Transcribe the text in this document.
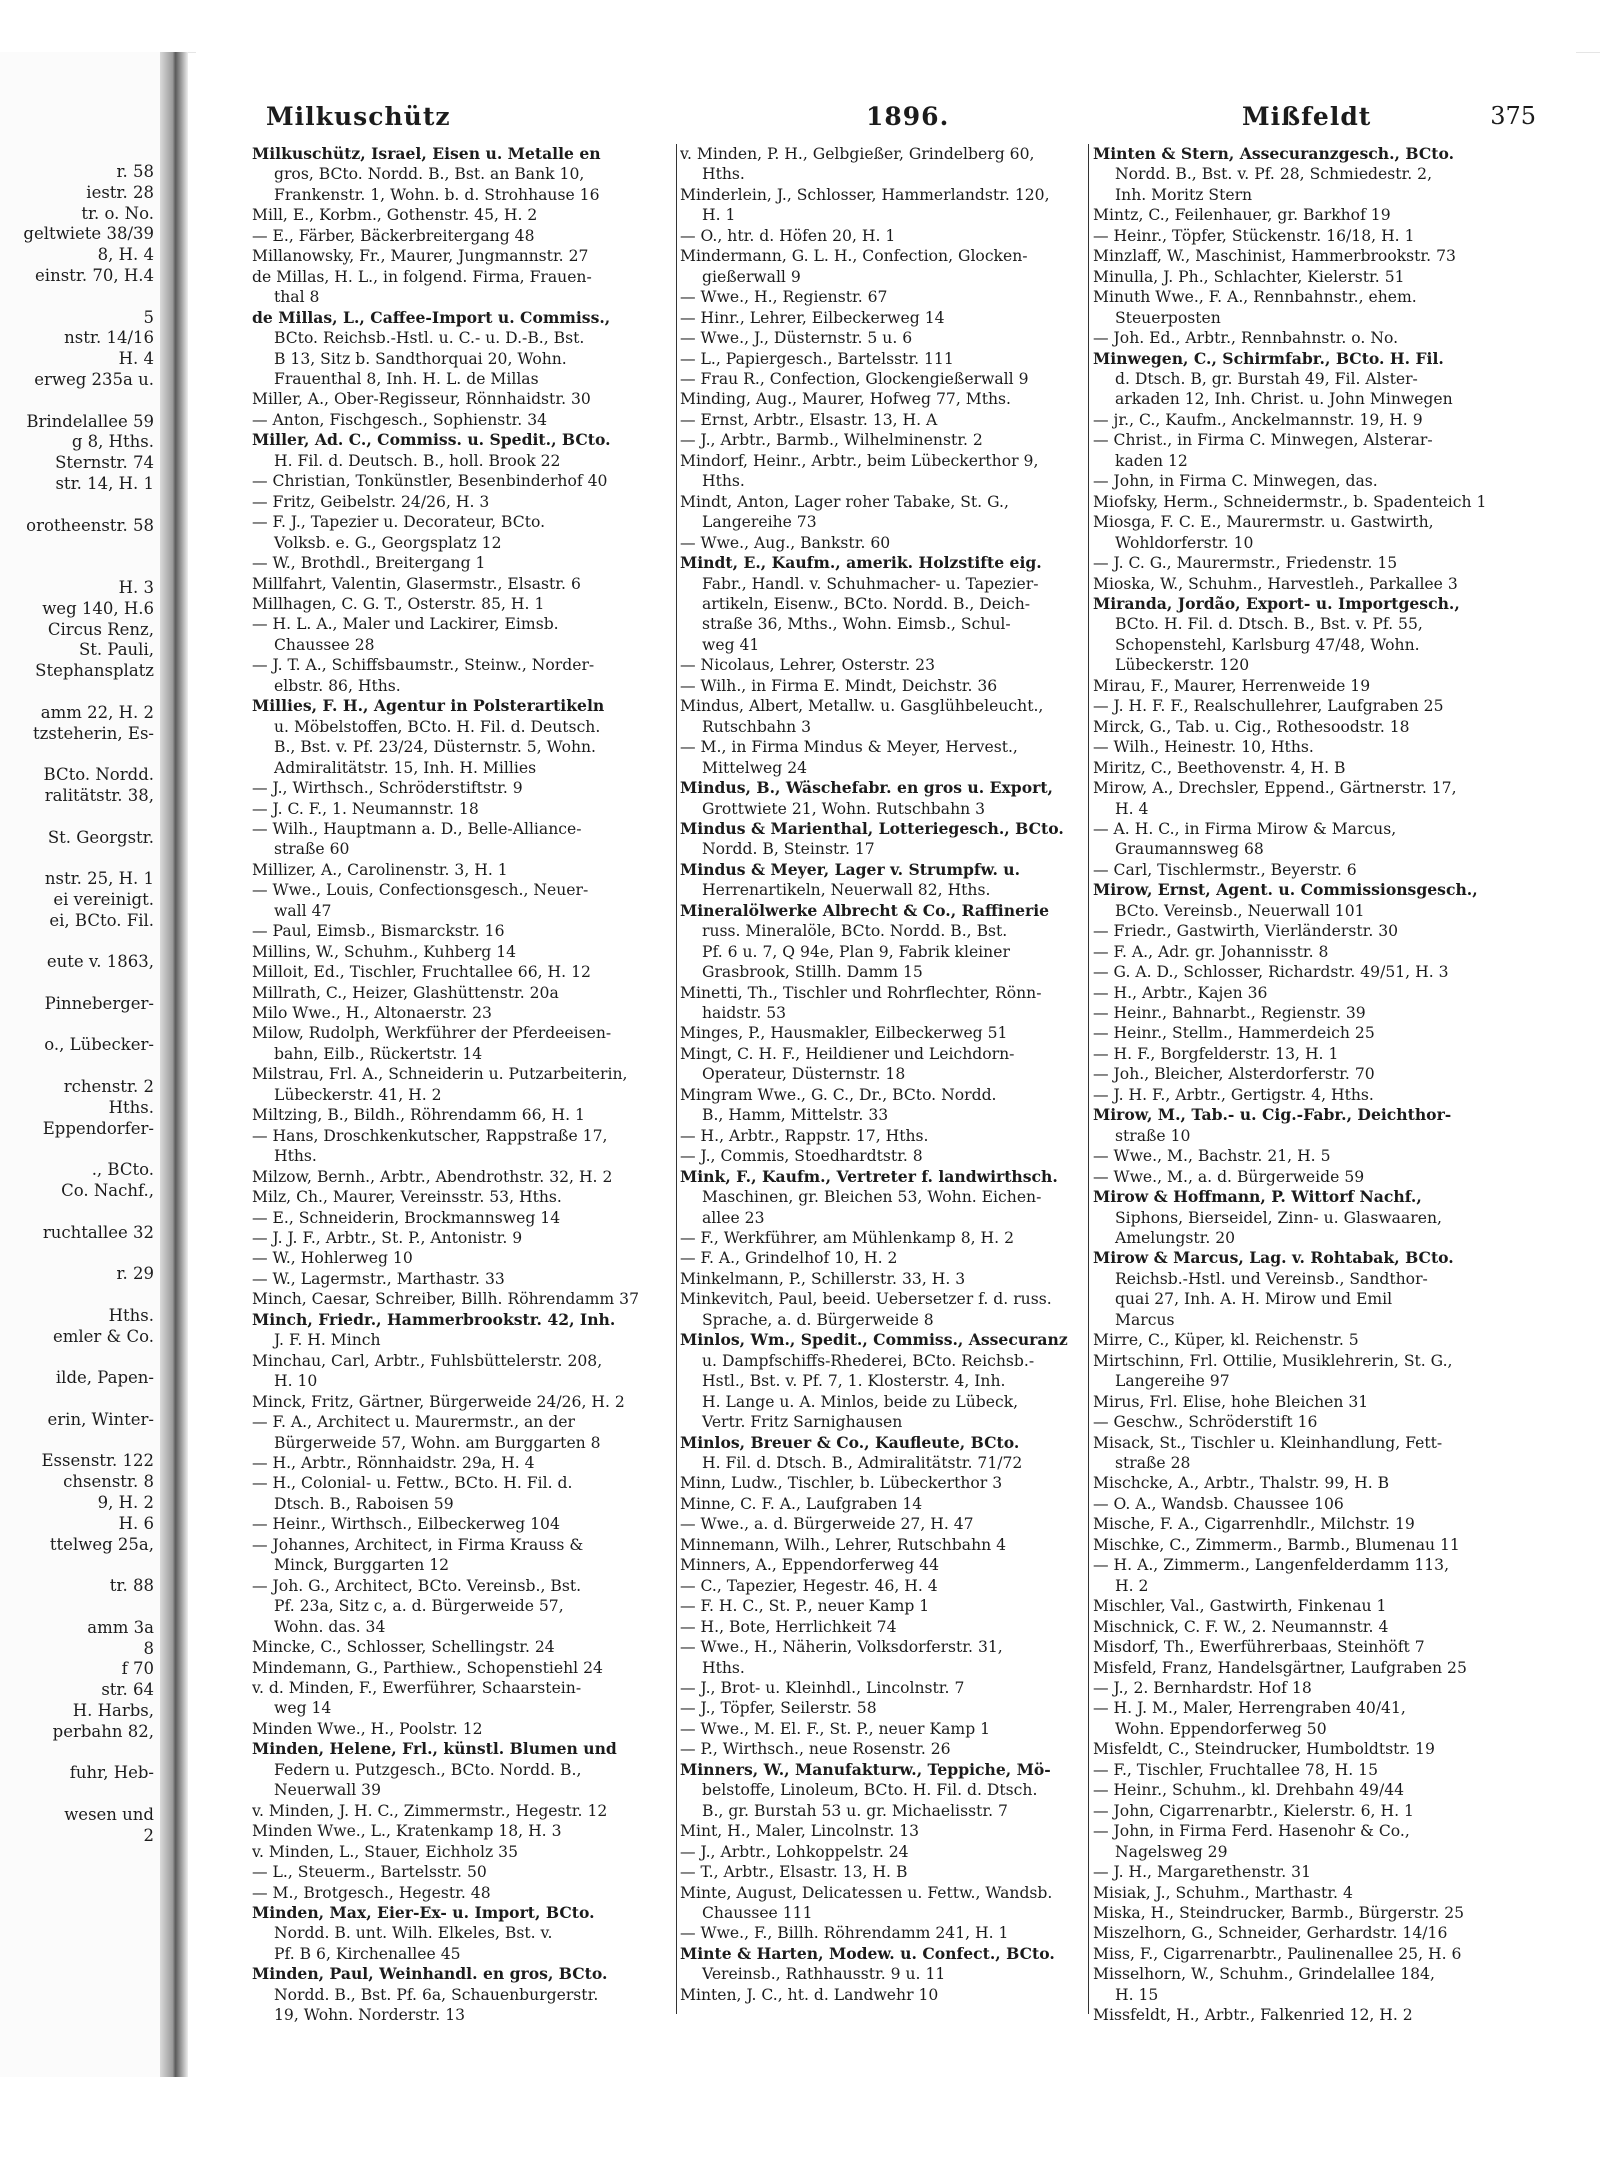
r. 58
iestr. 28
tr. o. No.
geltwiete 38/39
8, H. 4
einstr. 70, H.4

5
nstr. 14/16
H. 4
erweg 235a u.

Brindelallee 59
g 8, Hths.
Sternstr. 74
str. 14, H. 1

orotheenstr. 58

H. 3
weg 140, H.6
Circus Renz,
St. Pauli,
Stephansplatz

amm 22, H. 2
tzsteherin, Es-

BCto. Nordd.
ralitätstr. 38,

St. Georgstr.

nstr. 25, H. 1
ei vereinigt.
ei, BCto. Fil.

eute v. 1863,

Pinneberger-

o., Lübecker-

rchenstr. 2
Hths.
Eppendorfer-

., BCto.
Co. Nachf.,

ruchtallee 32

r. 29

Hths.
emler & Co.

ilde, Papen-

erin, Winter-

Essenstr. 122
chsenstr. 8
9, H. 2
H. 6
ttelweg 25a,

tr. 88

amm 3a
8
f 70
str. 64
H. Harbs,
perbahn 82,

fuhr, Heb-

wesen und
2
Milkuschütz	1896.	Mißfeldt	375
Milkuschütz, Israel, Eisen u. Metalle en
gros, BCto. Nordd. B., Bst. an Bank 10,
Frankenstr. 1, Wohn. b. d. Strohhause 16
Mill, E., Korbm., Gothenstr. 45, H. 2
— E., Färber, Bäckerbreitergang 48
Millanowsky, Fr., Maurer, Jungmannstr. 27
de Millas, H. L., in folgend. Firma, Frauen-
thal 8
de Millas, L., Caffee-Import u. Commiss.,
BCto. Reichsb.-Hstl. u. C.- u. D.-B., Bst.
B 13, Sitz b. Sandthorquai 20, Wohn.
Frauenthal 8, Inh. H. L. de Millas
Miller, A., Ober-Regisseur, Rönnhaidstr. 30
— Anton, Fischgesch., Sophienstr. 34
Miller, Ad. C., Commiss. u. Spedit., BCto.
H. Fil. d. Deutsch. B., holl. Brook 22
— Christian, Tonkünstler, Besenbinderhof 40
— Fritz, Geibelstr. 24/26, H. 3
— F. J., Tapezier u. Decorateur, BCto.
Volksb. e. G., Georgsplatz 12
— W., Brothdl., Breitergang 1
Millfahrt, Valentin, Glasermstr., Elsastr. 6
Millhagen, C. G. T., Osterstr. 85, H. 1
— H. L. A., Maler und Lackirer, Eimsb.
Chaussee 28
— J. T. A., Schiffsbaumstr., Steinw., Norder-
elbstr. 86, Hths.
Millies, F. H., Agentur in Polsterartikeln
u. Möbelstoffen, BCto. H. Fil. d. Deutsch.
B., Bst. v. Pf. 23/24, Düsternstr. 5, Wohn.
Admiralitätstr. 15, Inh. H. Millies
— J., Wirthsch., Schröderstiftstr. 9
— J. C. F., 1. Neumannstr. 18
— Wilh., Hauptmann a. D., Belle-Alliance-
straße 60
Millizer, A., Carolinenstr. 3, H. 1
— Wwe., Louis, Confectionsgesch., Neuer-
wall 47
— Paul, Eimsb., Bismarckstr. 16
Millins, W., Schuhm., Kuhberg 14
Milloit, Ed., Tischler, Fruchtallee 66, H. 12
Millrath, C., Heizer, Glashüttenstr. 20a
Milo Wwe., H., Altonaerstr. 23
Milow, Rudolph, Werkführer der Pferdeeisen-
bahn, Eilb., Rückertstr. 14
Milstrau, Frl. A., Schneiderin u. Putzarbeiterin,
Lübeckerstr. 41, H. 2
Miltzing, B., Bildh., Röhrendamm 66, H. 1
— Hans, Droschkenkutscher, Rappstraße 17,
Hths.
Milzow, Bernh., Arbtr., Abendrothstr. 32, H. 2
Milz, Ch., Maurer, Vereinsstr. 53, Hths.
— E., Schneiderin, Brockmannsweg 14
— J. J. F., Arbtr., St. P., Antonistr. 9
— W., Hohlerweg 10
— W., Lagermstr., Marthastr. 33
Minch, Caesar, Schreiber, Billh. Röhrendamm 37
Minch, Friedr., Hammerbrookstr. 42, Inh.
J. F. H. Minch
Minchau, Carl, Arbtr., Fuhlsbüttelerstr. 208,
H. 10
Minck, Fritz, Gärtner, Bürgerweide 24/26, H. 2
— F. A., Architect u. Maurermstr., an der
Bürgerweide 57, Wohn. am Burggarten 8
— H., Arbtr., Rönnhaidstr. 29a, H. 4
— H., Colonial- u. Fettw., BCto. H. Fil. d.
Dtsch. B., Raboisen 59
— Heinr., Wirthsch., Eilbeckerweg 104
— Johannes, Architect, in Firma Krauss &
Minck, Burggarten 12
— Joh. G., Architect, BCto. Vereinsb., Bst.
Pf. 23a, Sitz c, a. d. Bürgerweide 57,
Wohn. das. 34
Mincke, C., Schlosser, Schellingstr. 24
Mindemann, G., Parthiew., Schopenstiehl 24
v. d. Minden, F., Ewerführer, Schaarstein-
weg 14
Minden Wwe., H., Poolstr. 12
Minden, Helene, Frl., künstl. Blumen und
Federn u. Putzgesch., BCto. Nordd. B.,
Neuerwall 39
v. Minden, J. H. C., Zimmermstr., Hegestr. 12
Minden Wwe., L., Kratenkamp 18, H. 3
v. Minden, L., Stauer, Eichholz 35
— L., Steuerm., Bartelsstr. 50
— M., Brotgesch., Hegestr. 48
Minden, Max, Eier-Ex- u. Import, BCto.
Nordd. B. unt. Wilh. Elkeles, Bst. v.
Pf. B 6, Kirchenallee 45
Minden, Paul, Weinhandl. en gros, BCto.
Nordd. B., Bst. Pf. 6a, Schauenburgerstr.
19, Wohn. Norderstr. 13
v. Minden, P. H., Gelbgießer, Grindelberg 60,
Hths.
Minderlein, J., Schlosser, Hammerlandstr. 120,
H. 1
— O., htr. d. Höfen 20, H. 1
Mindermann, G. L. H., Confection, Glocken-
gießerwall 9
— Wwe., H., Regienstr. 67
— Hinr., Lehrer, Eilbeckerweg 14
— Wwe., J., Düsternstr. 5 u. 6
— L., Papiergesch., Bartelsstr. 111
— Frau R., Confection, Glockengießerwall 9
Minding, Aug., Maurer, Hofweg 77, Mths.
— Ernst, Arbtr., Elsastr. 13, H. A
— J., Arbtr., Barmb., Wilhelminenstr. 2
Mindorf, Heinr., Arbtr., beim Lübeckerthor 9,
Hths.
Mindt, Anton, Lager roher Tabake, St. G.,
Langereihe 73
— Wwe., Aug., Bankstr. 60
Mindt, E., Kaufm., amerik. Holzstifte eig.
Fabr., Handl. v. Schuhmacher- u. Tapezier-
artikeln, Eisenw., BCto. Nordd. B., Deich-
straße 36, Mths., Wohn. Eimsb., Schul-
weg 41
— Nicolaus, Lehrer, Osterstr. 23
— Wilh., in Firma E. Mindt, Deichstr. 36
Mindus, Albert, Metallw. u. Gasglühbeleucht.,
Rutschbahn 3
— M., in Firma Mindus & Meyer, Hervest.,
Mittelweg 24
Mindus, B., Wäschefabr. en gros u. Export,
Grottwiete 21, Wohn. Rutschbahn 3
Mindus & Marienthal, Lotteriegesch., BCto.
Nordd. B, Steinstr. 17
Mindus & Meyer, Lager v. Strumpfw. u.
Herrenartikeln, Neuerwall 82, Hths.
Mineralölwerke Albrecht & Co., Raffinerie
russ. Mineralöle, BCto. Nordd. B., Bst.
Pf. 6 u. 7, Q 94e, Plan 9, Fabrik kleiner
Grasbrook, Stillh. Damm 15
Minetti, Th., Tischler und Rohrflechter, Rönn-
haidstr. 53
Minges, P., Hausmakler, Eilbeckerweg 51
Mingt, C. H. F., Heildiener und Leichdorn-
Operateur, Düsternstr. 18
Mingram Wwe., G. C., Dr., BCto. Nordd.
B., Hamm, Mittelstr. 33
— H., Arbtr., Rappstr. 17, Hths.
— J., Commis, Stoedhardtstr. 8
Mink, F., Kaufm., Vertreter f. landwirthsch.
Maschinen, gr. Bleichen 53, Wohn. Eichen-
allee 23
— F., Werkführer, am Mühlenkamp 8, H. 2
— F. A., Grindelhof 10, H. 2
Minkelmann, P., Schillerstr. 33, H. 3
Minkevitch, Paul, beeid. Uebersetzer f. d. russ.
Sprache, a. d. Bürgerweide 8
Minlos, Wm., Spedit., Commiss., Assecuranz
u. Dampfschiffs-Rhederei, BCto. Reichsb.-
Hstl., Bst. v. Pf. 7, 1. Klosterstr. 4, Inh.
H. Lange u. A. Minlos, beide zu Lübeck,
Vertr. Fritz Sarnighausen
Minlos, Breuer & Co., Kaufleute, BCto.
H. Fil. d. Dtsch. B., Admiralitätstr. 71/72
Minn, Ludw., Tischler, b. Lübeckerthor 3
Minne, C. F. A., Laufgraben 14
— Wwe., a. d. Bürgerweide 27, H. 47
Minnemann, Wilh., Lehrer, Rutschbahn 4
Minners, A., Eppendorferweg 44
— C., Tapezier, Hegestr. 46, H. 4
— F. H. C., St. P., neuer Kamp 1
— H., Bote, Herrlichkeit 74
— Wwe., H., Näherin, Volksdorferstr. 31,
Hths.
— J., Brot- u. Kleinhdl., Lincolnstr. 7
— J., Töpfer, Seilerstr. 58
— Wwe., M. El. F., St. P., neuer Kamp 1
— P., Wirthsch., neue Rosenstr. 26
Minners, W., Manufakturw., Teppiche, Mö-
belstoffe, Linoleum, BCto. H. Fil. d. Dtsch.
B., gr. Burstah 53 u. gr. Michaelisstr. 7
Mint, H., Maler, Lincolnstr. 13
— J., Arbtr., Lohkoppelstr. 24
— T., Arbtr., Elsastr. 13, H. B
Minte, August, Delicatessen u. Fettw., Wandsb.
Chaussee 111
— Wwe., F., Billh. Röhrendamm 241, H. 1
Minte & Harten, Modew. u. Confect., BCto.
Vereinsb., Rathhausstr. 9 u. 11
Minten, J. C., ht. d. Landwehr 10
Minten & Stern, Assecuranzgesch., BCto.
Nordd. B., Bst. v. Pf. 28, Schmiedestr. 2,
Inh. Moritz Stern
Mintz, C., Feilenhauer, gr. Barkhof 19
— Heinr., Töpfer, Stückenstr. 16/18, H. 1
Minzlaff, W., Maschinist, Hammerbrookstr. 73
Minulla, J. Ph., Schlachter, Kielerstr. 51
Minuth Wwe., F. A., Rennbahnstr., ehem.
Steuerposten
— Joh. Ed., Arbtr., Rennbahnstr. o. No.
Minwegen, C., Schirmfabr., BCto. H. Fil.
d. Dtsch. B, gr. Burstah 49, Fil. Alster-
arkaden 12, Inh. Christ. u. John Minwegen
— jr., C., Kaufm., Anckelmannstr. 19, H. 9
— Christ., in Firma C. Minwegen, Alsterar-
kaden 12
— John, in Firma C. Minwegen, das.
Miofsky, Herm., Schneidermstr., b. Spadenteich 1
Miosga, F. C. E., Maurermstr. u. Gastwirth,
Wohldorferstr. 10
— J. C. G., Maurermstr., Friedenstr. 15
Mioska, W., Schuhm., Harvestleh., Parkallee 3
Miranda, Jordão, Export- u. Importgesch.,
BCto. H. Fil. d. Dtsch. B., Bst. v. Pf. 55,
Schopenstehl, Karlsburg 47/48, Wohn.
Lübeckerstr. 120
Mirau, F., Maurer, Herrenweide 19
— J. H. F. F., Realschullehrer, Laufgraben 25
Mirck, G., Tab. u. Cig., Rothesoodstr. 18
— Wilh., Heinestr. 10, Hths.
Miritz, C., Beethovenstr. 4, H. B
Mirow, A., Drechsler, Eppend., Gärtnerstr. 17,
H. 4
— A. H. C., in Firma Mirow & Marcus,
Graumannsweg 68
— Carl, Tischlermstr., Beyerstr. 6
Mirow, Ernst, Agent. u. Commissionsgesch.,
BCto. Vereinsb., Neuerwall 101
— Friedr., Gastwirth, Vierländerstr. 30
— F. A., Adr. gr. Johannisstr. 8
— G. A. D., Schlosser, Richardstr. 49/51, H. 3
— H., Arbtr., Kajen 36
— Heinr., Bahnarbt., Regienstr. 39
— Heinr., Stellm., Hammerdeich 25
— H. F., Borgfelderstr. 13, H. 1
— Joh., Bleicher, Alsterdorferstr. 70
— J. H. F., Arbtr., Gertigstr. 4, Hths.
Mirow, M., Tab.- u. Cig.-Fabr., Deichthor-
straße 10
— Wwe., M., Bachstr. 21, H. 5
— Wwe., M., a. d. Bürgerweide 59
Mirow & Hoffmann, P. Wittorf Nachf.,
Siphons, Bierseidel, Zinn- u. Glaswaaren,
Amelungstr. 20
Mirow & Marcus, Lag. v. Rohtabak, BCto.
Reichsb.-Hstl. und Vereinsb., Sandthor-
quai 27, Inh. A. H. Mirow und Emil
Marcus
Mirre, C., Küper, kl. Reichenstr. 5
Mirtschinn, Frl. Ottilie, Musiklehrerin, St. G.,
Langereihe 97
Mirus, Frl. Elise, hohe Bleichen 31
— Geschw., Schröderstift 16
Misack, St., Tischler u. Kleinhandlung, Fett-
straße 28
Mischcke, A., Arbtr., Thalstr. 99, H. B
— O. A., Wandsb. Chaussee 106
Mische, F. A., Cigarrenhdlr., Milchstr. 19
Mischke, C., Zimmerm., Barmb., Blumenau 11
— H. A., Zimmerm., Langenfelderdamm 113,
H. 2
Mischler, Val., Gastwirth, Finkenau 1
Mischnick, C. F. W., 2. Neumannstr. 4
Misdorf, Th., Ewerführerbaas, Steinhöft 7
Misfeld, Franz, Handelsgärtner, Laufgraben 25
— J., 2. Bernhardstr. Hof 18
— H. J. M., Maler, Herrengraben 40/41,
Wohn. Eppendorferweg 50
Misfeldt, C., Steindrucker, Humboldtstr. 19
— F., Tischler, Fruchtallee 78, H. 15
— Heinr., Schuhm., kl. Drehbahn 49/44
— John, Cigarrenarbtr., Kielerstr. 6, H. 1
— John, in Firma Ferd. Hasenohr & Co.,
Nagelsweg 29
— J. H., Margarethenstr. 31
Misiak, J., Schuhm., Marthastr. 4
Miska, H., Steindrucker, Barmb., Bürgerstr. 25
Miszelhorn, G., Schneider, Gerhardstr. 14/16
Miss, F., Cigarrenarbtr., Paulinenallee 25, H. 6
Misselhorn, W., Schuhm., Grindelallee 184,
H. 15
Missfeldt, H., Arbtr., Falkenried 12, H. 2
